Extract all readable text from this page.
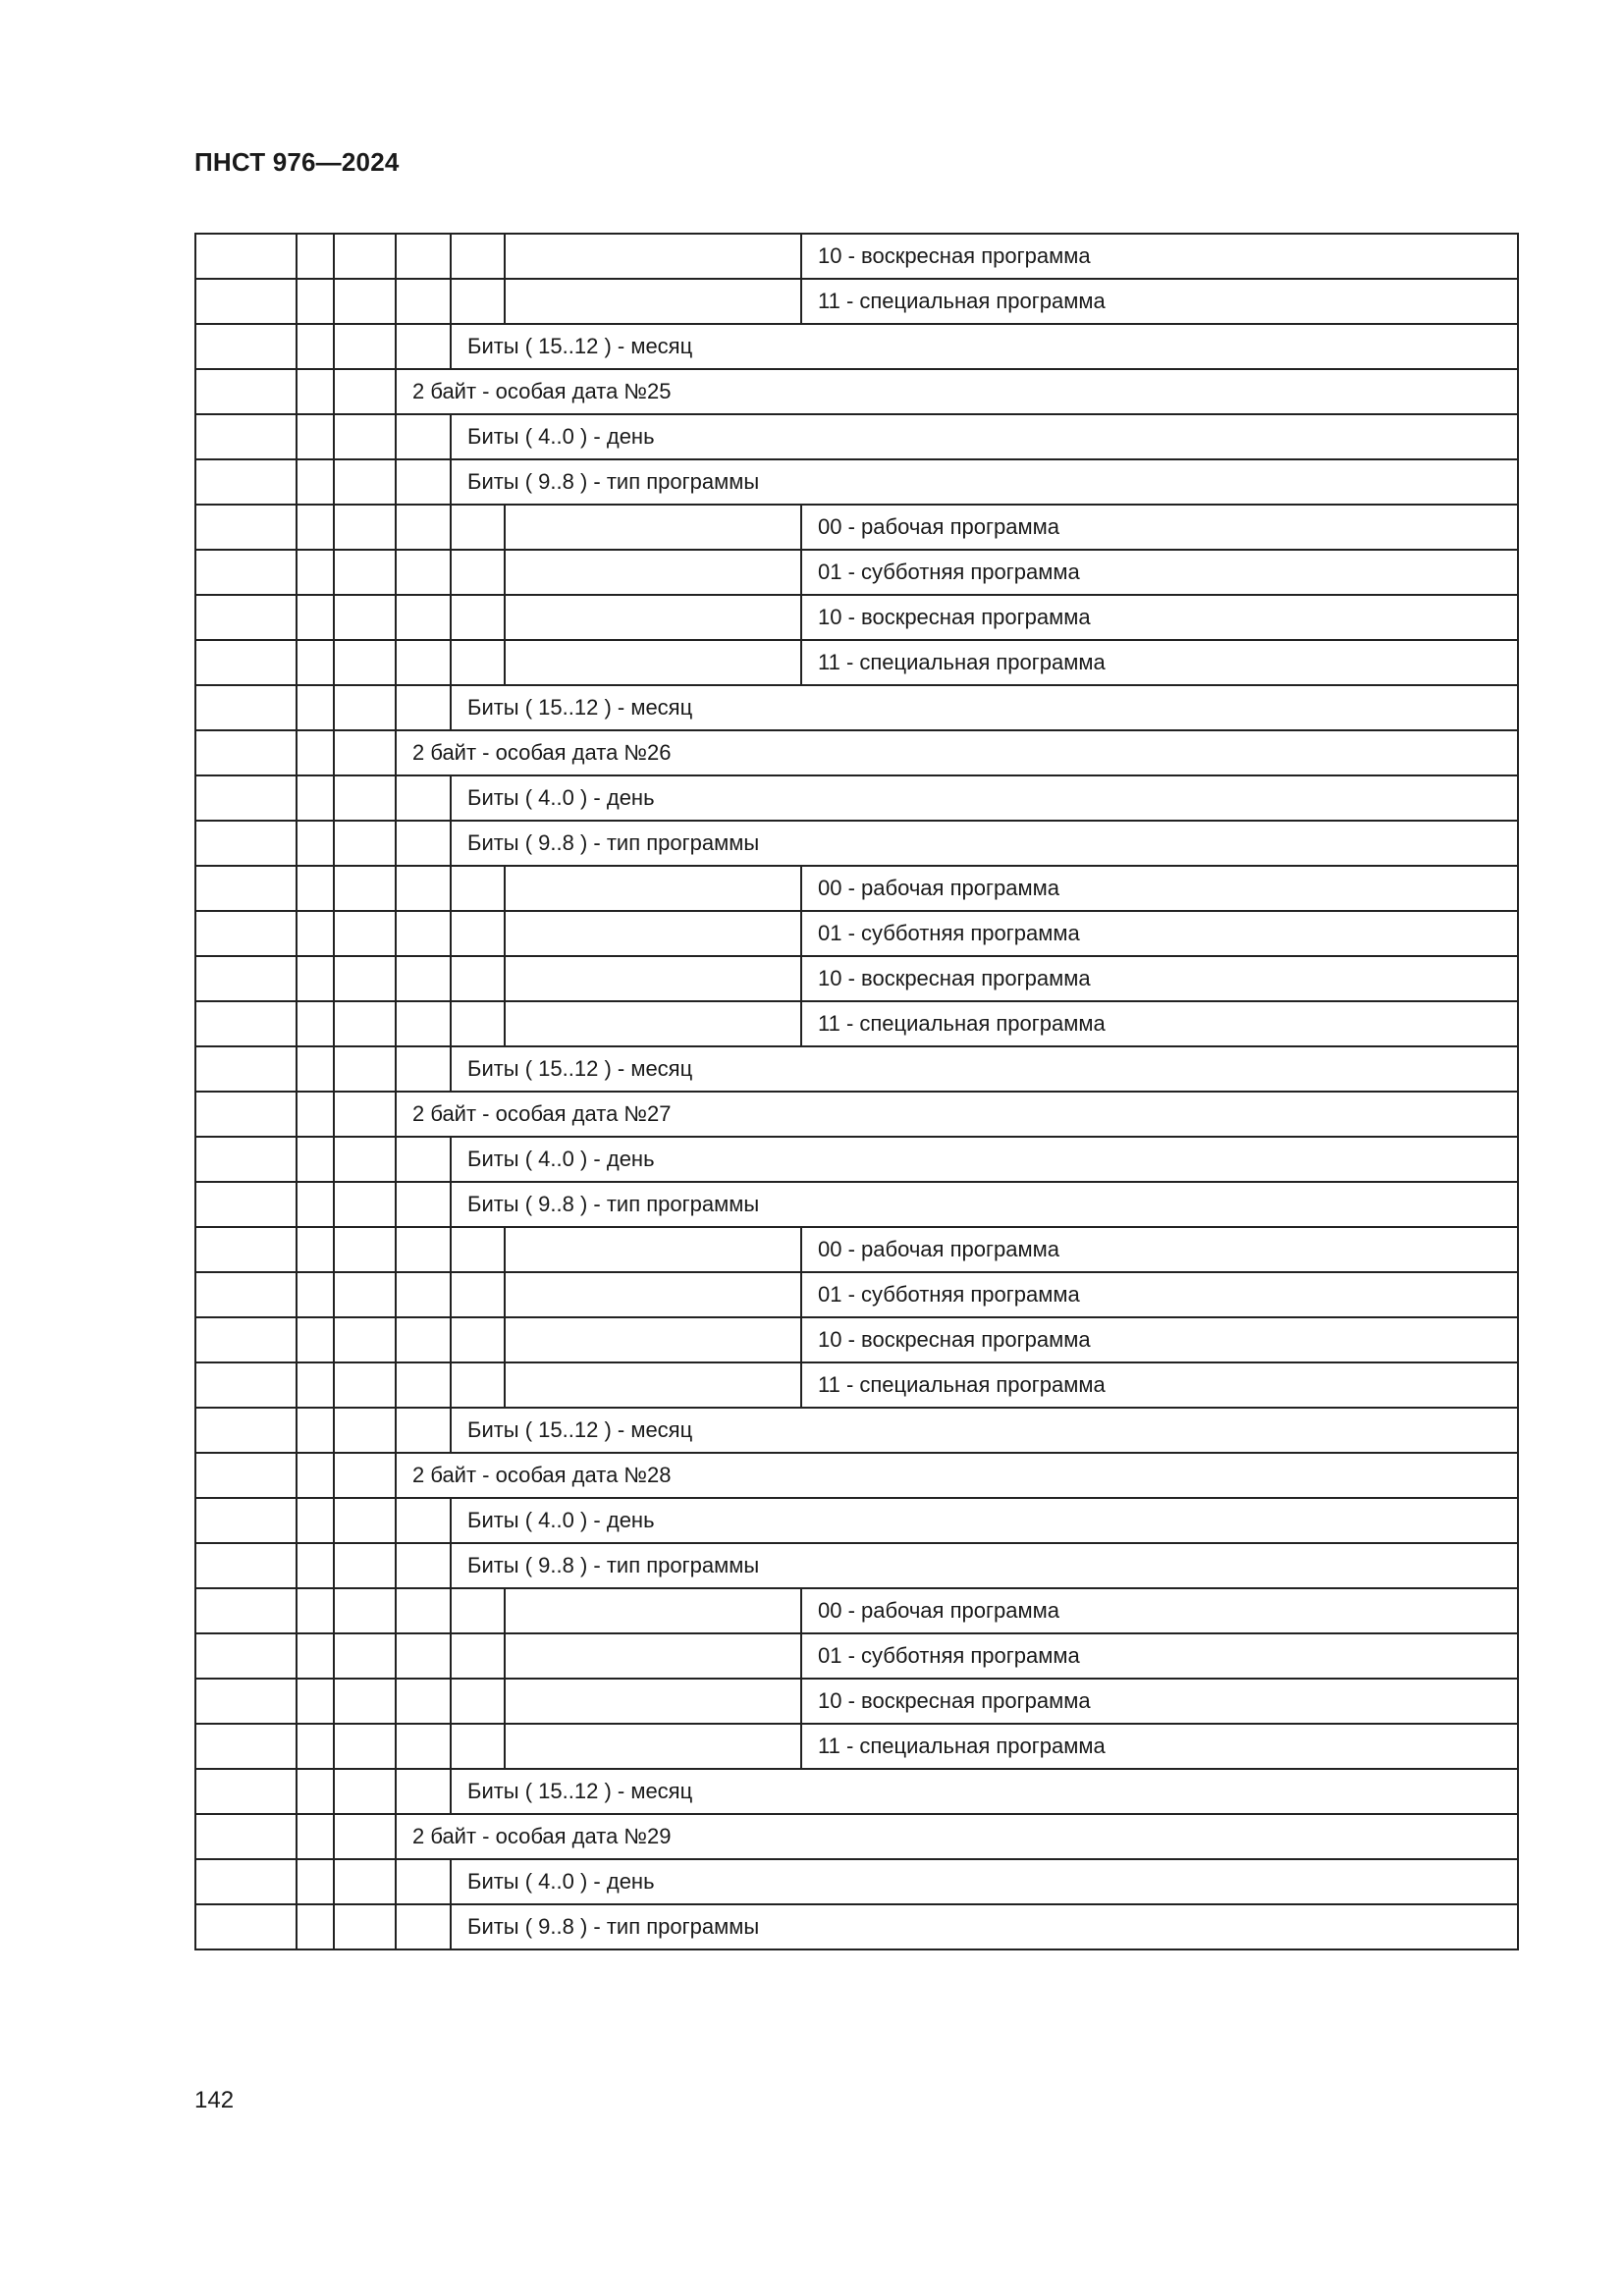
ПНСТ 976—2024
						10 - воскресная программа
						11 - специальная программа
				Биты ( 15..12 ) - месяц		
			2 байт - особая дата №25			
				Биты ( 4..0 ) - день		
				Биты ( 9..8 ) - тип программы		
						00 - рабочая программа
						01 - субботняя программа
						10 - воскресная программа
						11 - специальная программа
				Биты ( 15..12 ) - месяц		
			2 байт - особая дата №26			
				Биты ( 4..0 ) - день		
				Биты ( 9..8 ) - тип программы		
						00 - рабочая программа
						01 - субботняя программа
						10 - воскресная программа
						11 - специальная программа
				Биты ( 15..12 ) - месяц		
			2 байт - особая дата №27			
				Биты ( 4..0 ) - день		
				Биты ( 9..8 ) - тип программы		
						00 - рабочая программа
						01 - субботняя программа
						10 - воскресная программа
						11 - специальная программа
				Биты ( 15..12 ) - месяц		
			2 байт - особая дата №28			
				Биты ( 4..0 ) - день		
				Биты ( 9..8 ) - тип программы		
						00 - рабочая программа
						01 - субботняя программа
						10 - воскресная программа
						11 - специальная программа
				Биты ( 15..12 ) - месяц		
			2 байт - особая дата №29			
				Биты ( 4..0 ) - день		
				Биты ( 9..8 ) - тип программы		
142
